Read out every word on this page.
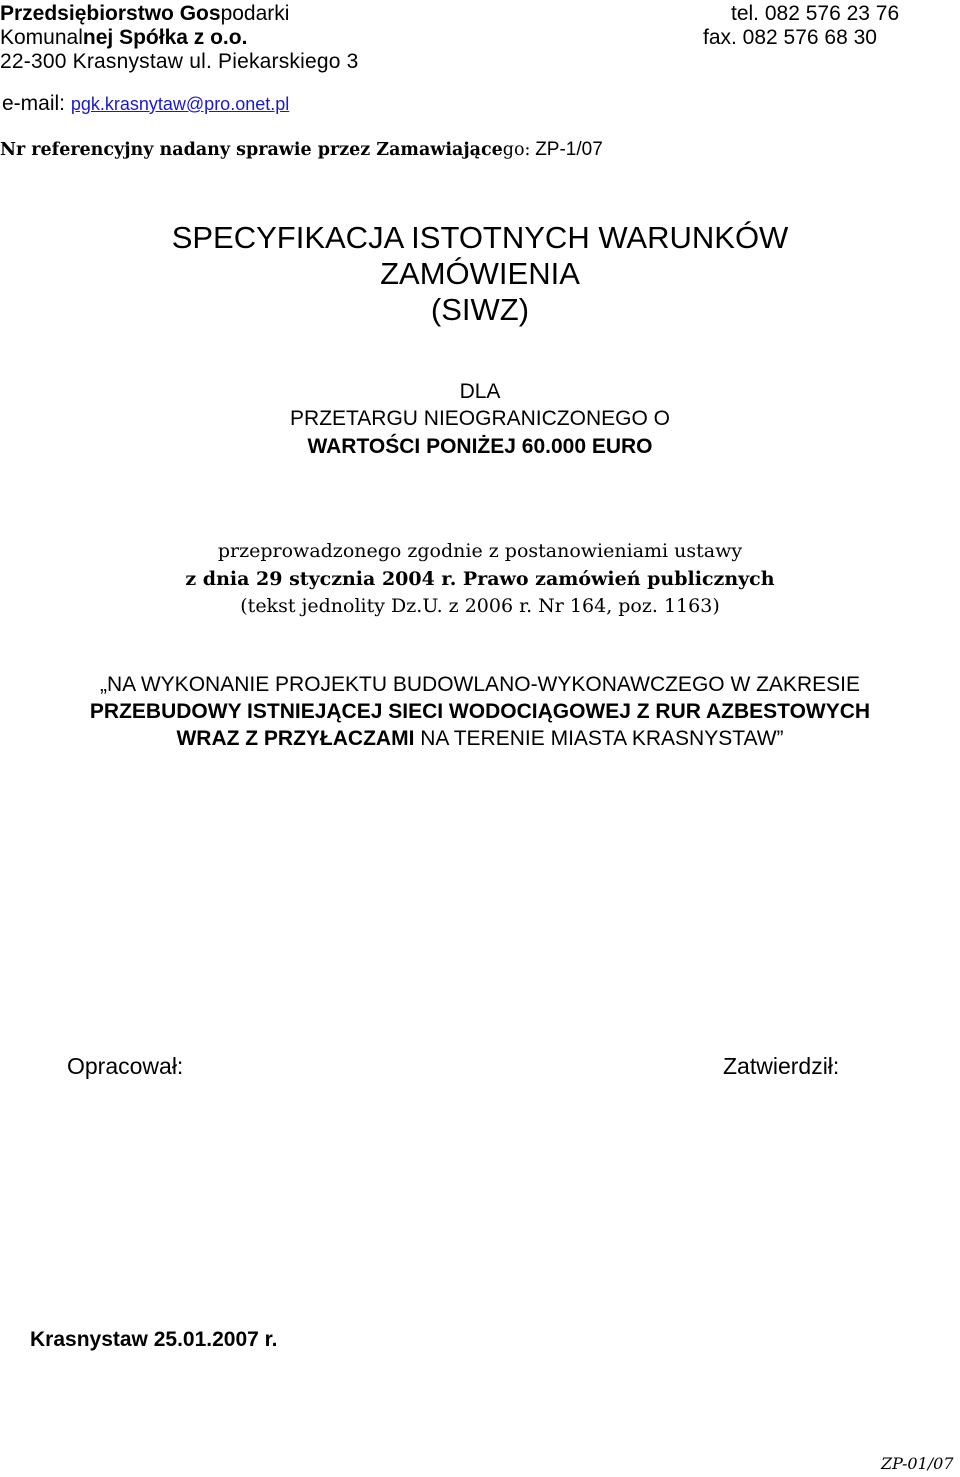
Przedsiębiorstwo Gospodarki
Komunalnej Spółka z o.o.
22-300 Krasnystaw ul. Piekarskiego 3
e-mail: pgk.krasnytaw@pro.onet.pl
tel. 082 576 23 76
fax. 082 576 68 30
Nr referencyjny nadany sprawie przez Zamawiającego: ZP-1/07
SPECYFIKACJA ISTOTNYCH WARUNKÓW
ZAMÓWIENIA
(SIWZ)
DLA
PRZETARGU NIEOGRANICZONEGO O
WARTOŚCI PONIŻEJ 60.000 EURO
przeprowadzonego zgodnie z postanowieniami ustawy
z dnia 29 stycznia 2004 r. Prawo zamówień publicznych
(tekst jednolity Dz.U. z 2006 r. Nr 164, poz. 1163)
„NA WYKONANIE PROJEKTU BUDOWLANO-WYKONAWCZEGO W ZAKRESIE
PRZEBUDOWY ISTNIEJĄCEJ SIECI WODOCIĄGOWEJ Z RUR AZBESTOWYCH
WRAZ Z PRZYŁACZAMI NA TERENIE MIASTA KRASNYSTAW”
Opracował:	Zatwierdził:
Krasnystaw 25.01.2007 r.
ZP-01/07
